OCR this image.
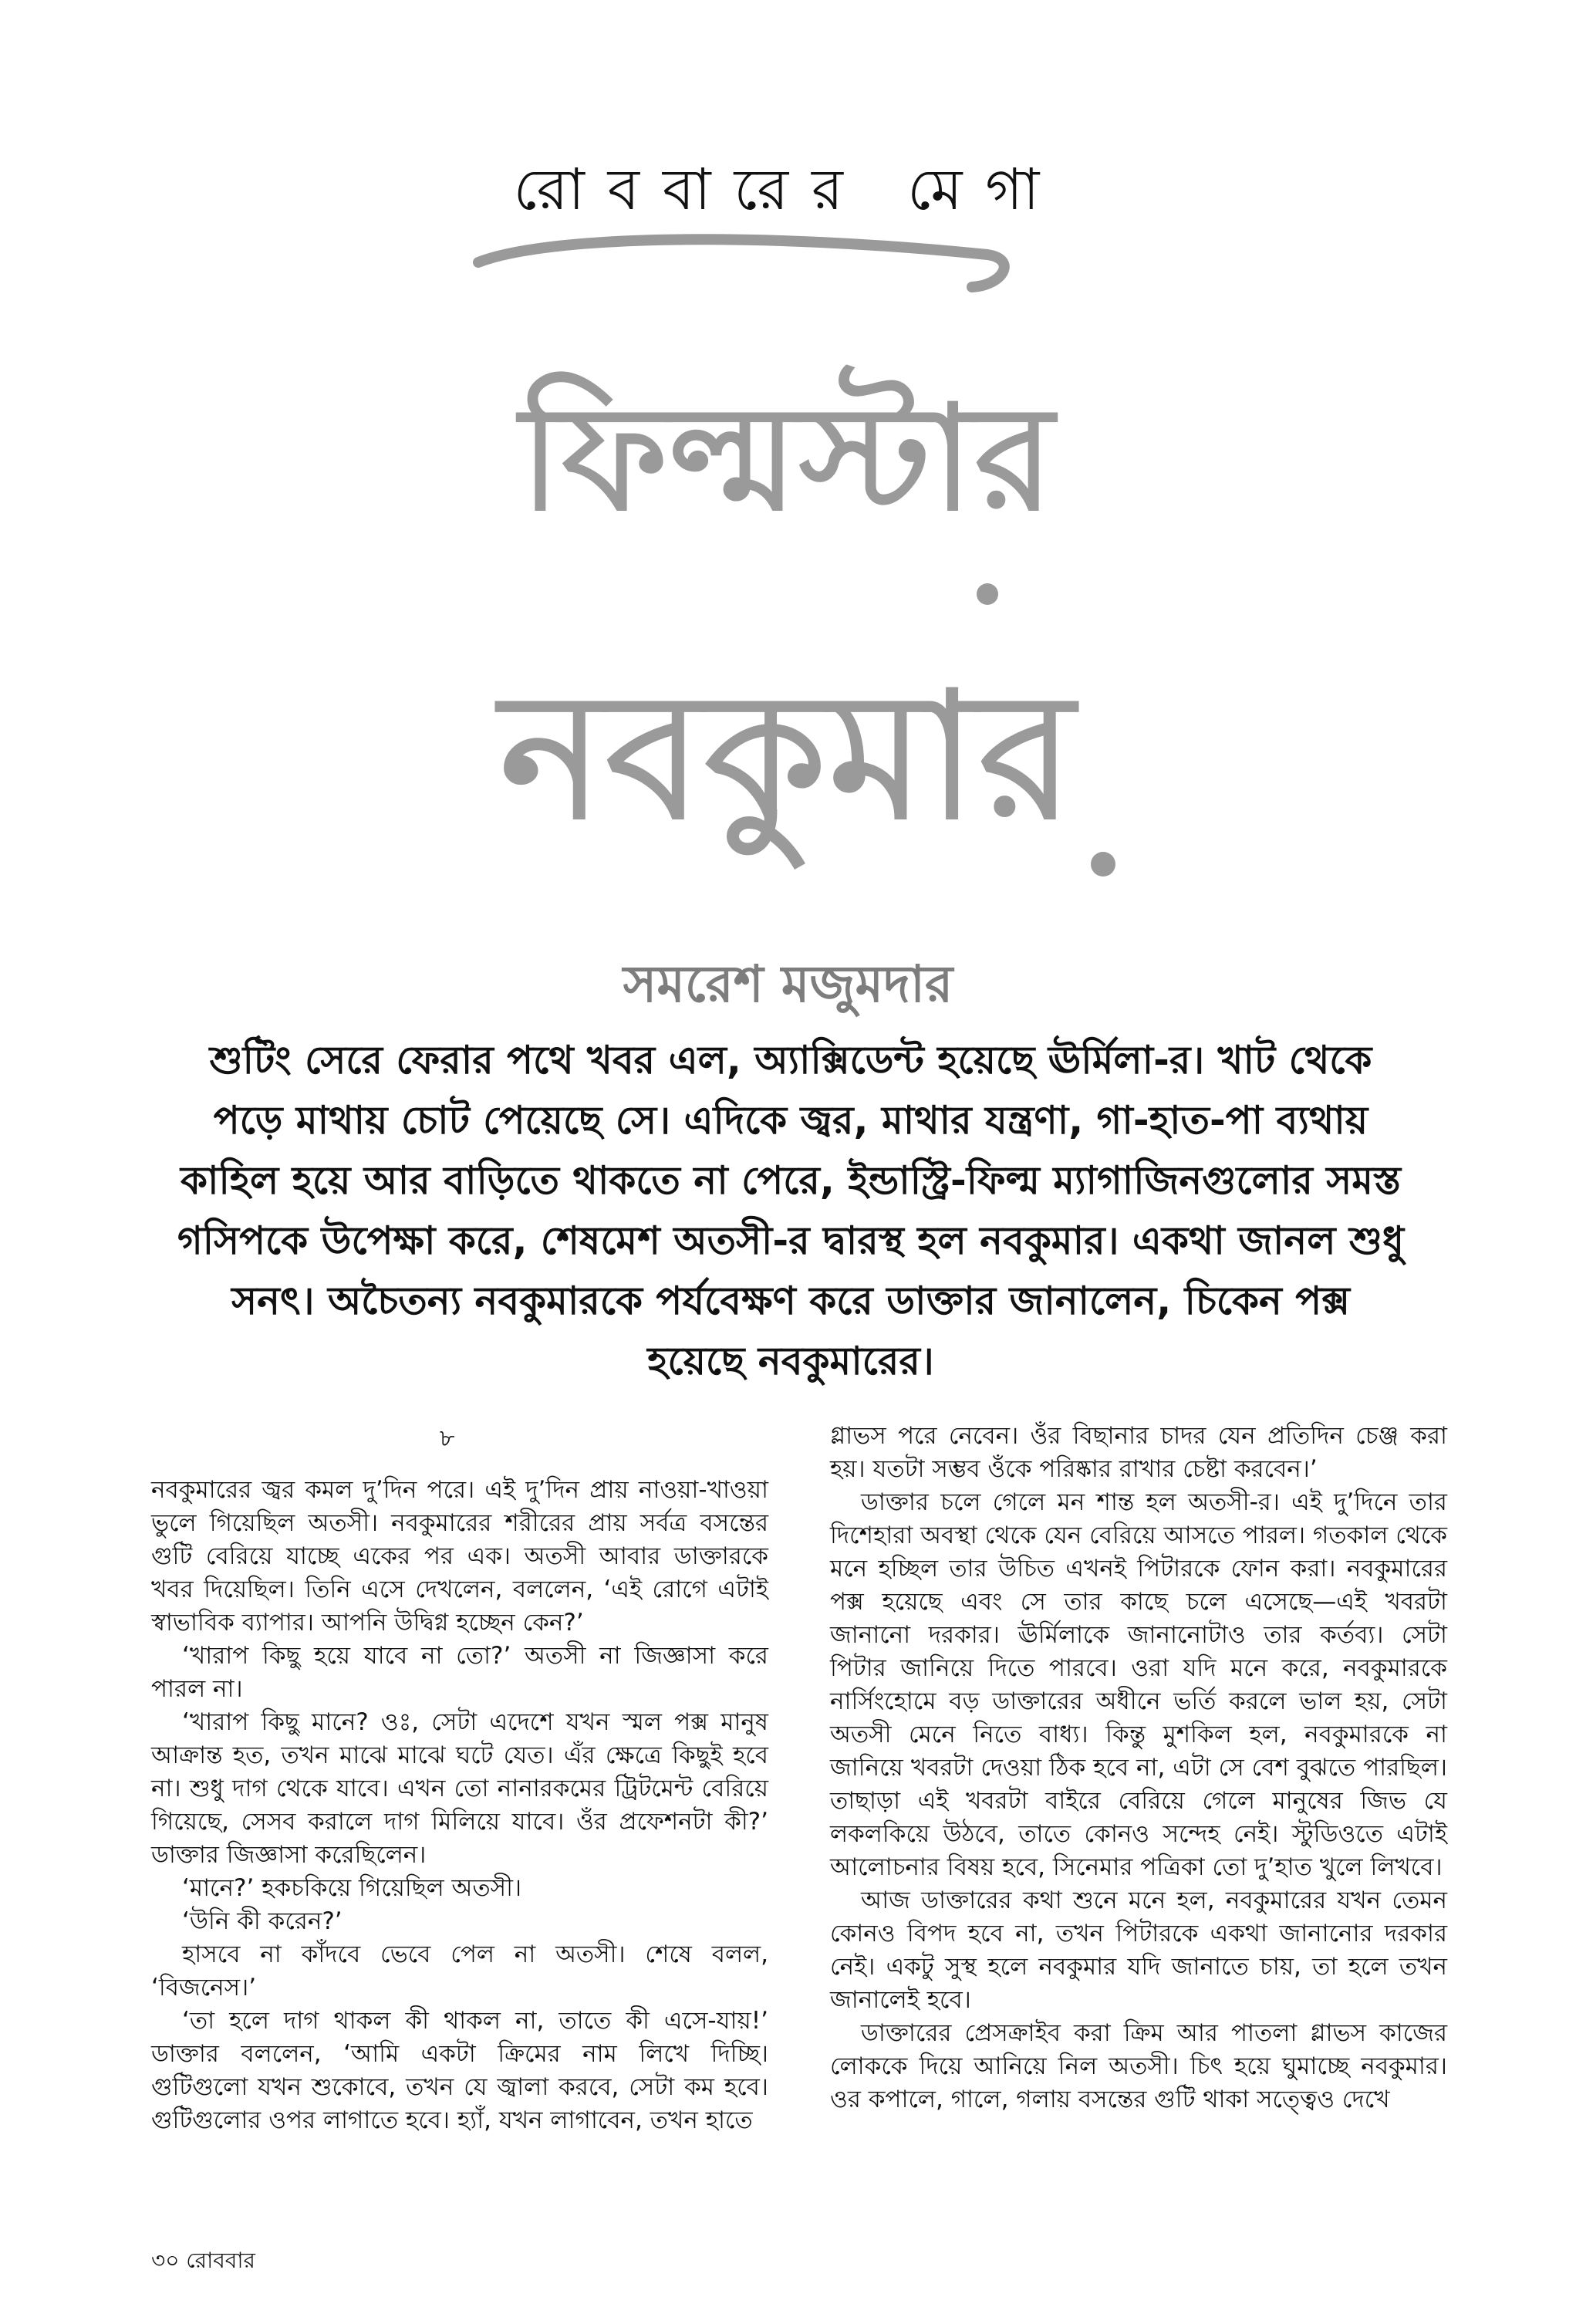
রোববারের মেগা
ফিল্মস্টার
নবকুমার
সমরেশ মজুমদার
শুটিং সেরে ফেরার পথে খবর এল, অ্যাক্সিডেন্ট হয়েছে ঊর্মিলা-র। খাট থেকে পড়ে মাথায় চোট পেয়েছে সে। এদিকে জ্বর, মাথার যন্ত্রণা, গা-হাত-পা ব্যথায় কাহিল হয়ে আর বাড়িতে থাকতে না পেরে, ইন্ডাস্ট্রি-ফিল্ম ম্যাগাজিনগুলোর সমস্ত গসিপকে উপেক্ষা করে, শেষমেশ অতসী-র দ্বারস্থ হল নবকুমার। একথা জানল শুধু সনৎ। অচৈতন্য নবকুমারকে পর্যবেক্ষণ করে ডাক্তার জানালেন, চিকেন পক্স হয়েছে নবকুমারের।
৮

নবকুমারের জ্বর কমল দু’দিন পরে। এই দু’দিন প্রায় নাওয়া-খাওয়া ভুলে গিয়েছিল অতসী। নবকুমারের শরীরের প্রায় সর্বত্র বসন্তের গুটি বেরিয়ে যাচ্ছে একের পর এক। অতসী আবার ডাক্তারকে খবর দিয়েছিল। তিনি এসে দেখলেন, বললেন, ‘এই রোগে এটাই স্বাভাবিক ব্যাপার। আপনি উদ্বিগ্ন হচ্ছেন কেন?’

‘খারাপ কিছু হয়ে যাবে না তো?’ অতসী না জিজ্ঞাসা করে পারল না।

‘খারাপ কিছু মানে? ওঃ, সেটা এদেশে যখন স্মল পক্স মানুষ আক্রান্ত হত, তখন মাঝে মাঝে ঘটে যেত। এঁর ক্ষেত্রে কিছুই হবে না। শুধু দাগ থেকে যাবে। এখন তো নানারকমের ট্রিটমেন্ট বেরিয়ে গিয়েছে, সেসব করালে দাগ মিলিয়ে যাবে। ওঁর প্রফেশনটা কী?’ ডাক্তার জিজ্ঞাসা করেছিলেন।

‘মানে?’ হকচকিয়ে গিয়েছিল অতসী।

‘উনি কী করেন?’

হাসবে না কাঁদবে ভেবে পেল না অতসী। শেষে বলল, ‘বিজনেস।’

‘তা হলে দাগ থাকল কী থাকল না, তাতে কী এসে-যায়!’ ডাক্তার বললেন, ‘আমি একটা ক্রিমের নাম লিখে দিচ্ছি। গুটিগুলো যখন শুকোবে, তখন যে জ্বালা করবে, সেটা কম হবে। গুটিগুলোর ওপর লাগাতে হবে। হ্যাঁ, যখন লাগাবেন, তখন হাতে

গ্লাভস পরে নেবেন। ওঁর বিছানার চাদর যেন প্রতিদিন চেঞ্জ করা হয়। যতটা সম্ভব ওঁকে পরিষ্কার রাখার চেষ্টা করবেন।’

ডাক্তার চলে গেলে মন শান্ত হল অতসী-র। এই দু’দিনে তার দিশেহারা অবস্থা থেকে যেন বেরিয়ে আসতে পারল। গতকাল থেকে মনে হচ্ছিল তার উচিত এখনই পিটারকে ফোন করা। নবকুমারের পক্স হয়েছে এবং সে তার কাছে চলে এসেছে—এই খবরটা জানানো দরকার। ঊর্মিলাকে জানানোটাও তার কর্তব্য। সেটা পিটার জানিয়ে দিতে পারবে। ওরা যদি মনে করে, নবকুমারকে নার্সিংহোমে বড় ডাক্তারের অধীনে ভর্তি করলে ভাল হয়, সেটা অতসী মেনে নিতে বাধ্য। কিন্তু মুশকিল হল, নবকুমারকে না জানিয়ে খবরটা দেওয়া ঠিক হবে না, এটা সে বেশ বুঝতে পারছিল। তাছাড়া এই খবরটা বাইরে বেরিয়ে গেলে মানুষের জিভ যে লকলকিয়ে উঠবে, তাতে কোনও সন্দেহ নেই। স্টুডিওতে এটাই আলোচনার বিষয় হবে, সিনেমার পত্রিকা তো দু’হাত খুলে লিখবে।

আজ ডাক্তারের কথা শুনে মনে হল, নবকুমারের যখন তেমন কোনও বিপদ হবে না, তখন পিটারকে একথা জানানোর দরকার নেই। একটু সুস্থ হলে নবকুমার যদি জানাতে চায়, তা হলে তখন জানালেই হবে।

ডাক্তারের প্রেসক্রাইব করা ক্রিম আর পাতলা গ্লাভস কাজের লোককে দিয়ে আনিয়ে নিল অতসী। চিৎ হয়ে ঘুমাচ্ছে নবকুমার। ওর কপালে, গালে, গলায় বসন্তের গুটি থাকা সত্ত্বেও দেখে

৩০ রোববার
